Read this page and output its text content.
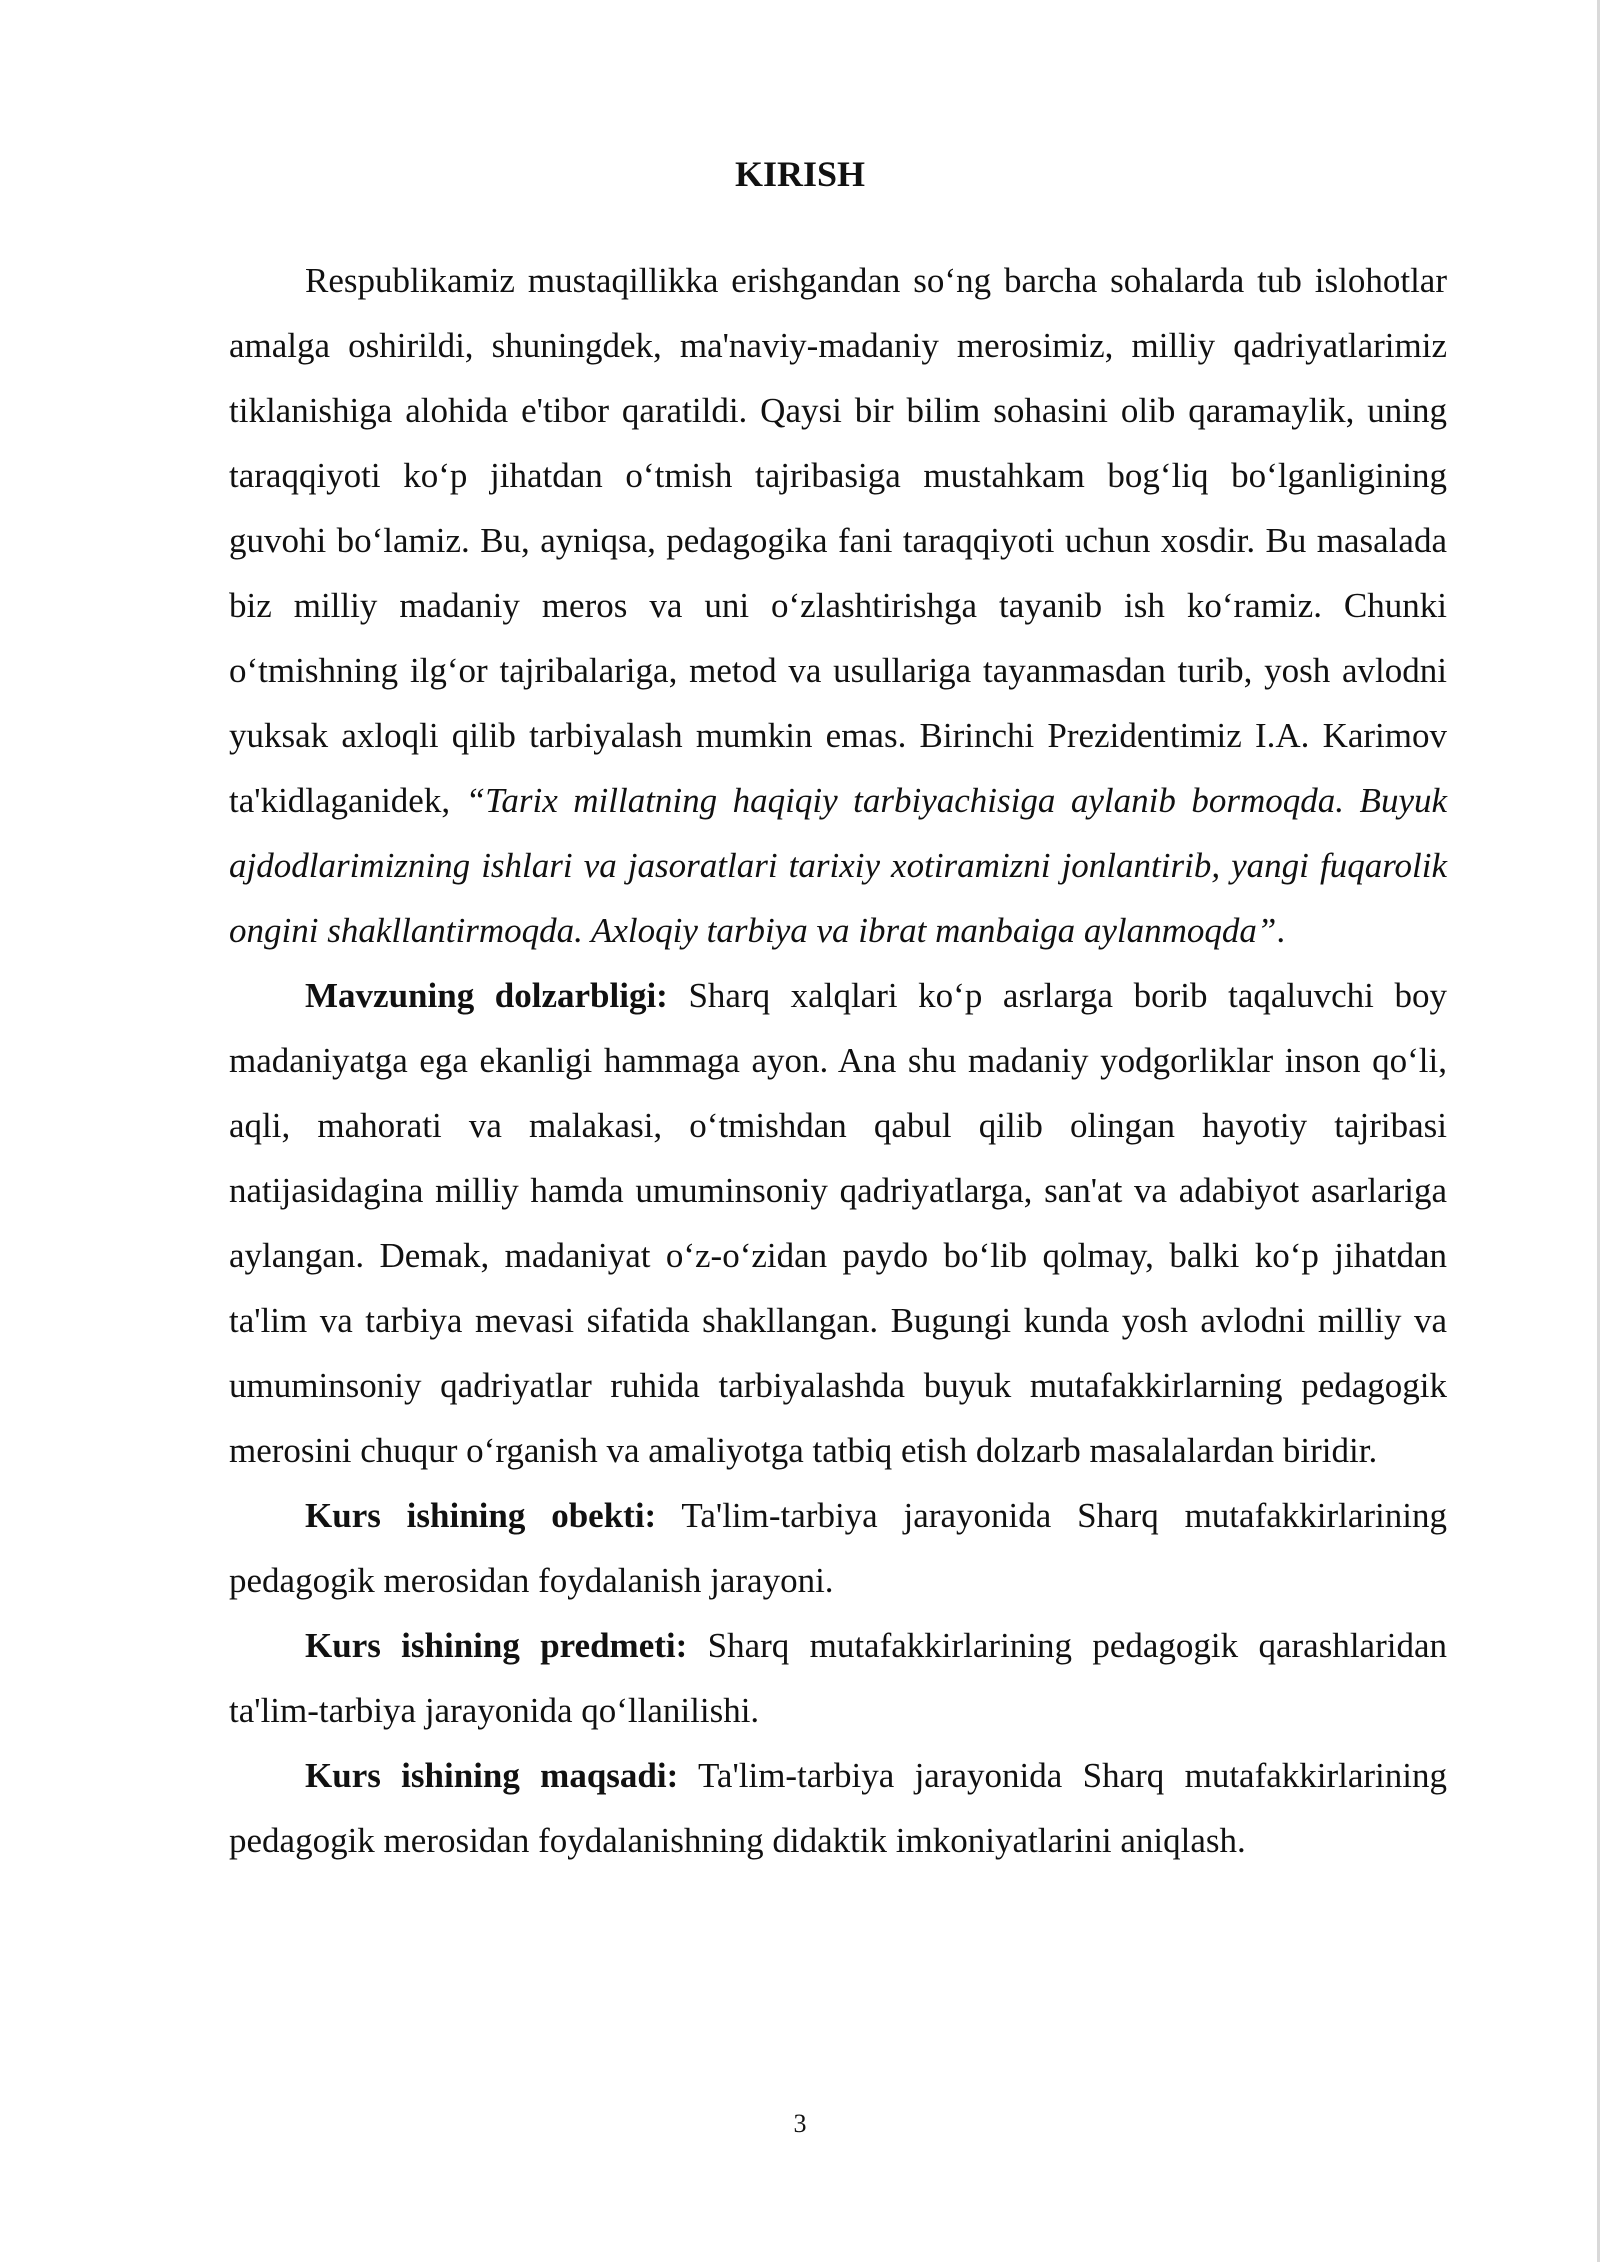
KIRISH

Respublikamiz mustaqillikka erishgandan so‘ng barcha sohalarda tub islohotlar amalga oshirildi, shuningdek, ma'naviy-madaniy merosimiz, milliy qadriyatlarimiz tiklanishiga alohida e'tibor qaratildi. Qaysi bir bilim sohasini olib qaramaylik, uning taraqqiyoti ko‘p jihatdan o‘tmish tajribasiga mustahkam bog‘liq bo‘lganligining guvohi bo‘lamiz. Bu, ayniqsa, pedagogika fani taraqqiyoti uchun xosdir. Bu masalada biz milliy madaniy meros va uni o‘zlashtirishga tayanib ish ko‘ramiz. Chunki o‘tmishning ilg‘or tajribalariga, metod va usullariga tayanmasdan turib, yosh avlodni yuksak axloqli qilib tarbiyalash mumkin emas. Birinchi Prezidentimiz I.A. Karimov ta'kidlaganidek, “Tarix millatning haqiqiy tarbiyachisiga aylanib bormoqda. Buyuk ajdodlarimizning ishlari va jasoratlari tarixiy xotiramizni jonlantirib, yangi fuqarolik ongini shakllantirmoqda. Axloqiy tarbiya va ibrat manbaiga aylanmoqda”.

Mavzuning dolzarbligi: Sharq xalqlari ko‘p asrlarga borib taqaluvchi boy madaniyatga ega ekanligi hammaga ayon. Ana shu madaniy yodgorliklar inson qo‘li, aqli, mahorati va malakasi, o‘tmishdan qabul qilib olingan hayotiy tajribasi natijasidagina milliy hamda umuminsoniy qadriyatlarga, san'at va adabiyot asarlariga aylangan. Demak, madaniyat o‘z-o‘zidan paydo bo‘lib qolmay, balki ko‘p jihatdan ta'lim va tarbiya mevasi sifatida shakllangan. Bugungi kunda yosh avlodni milliy va umuminsoniy qadriyatlar ruhida tarbiyalashda buyuk mutafakkirlarning pedagogik merosini chuqur o‘rganish va amaliyotga tatbiq etish dolzarb masalalardan biridir.

Kurs ishining obekti: Ta'lim-tarbiya jarayonida Sharq mutafakkirlarining pedagogik merosidan foydalanish jarayoni.

Kurs ishining predmeti: Sharq mutafakkirlarining pedagogik qarashlaridan ta'lim-tarbiya jarayonida qo‘llanilishi.

Kurs ishining maqsadi: Ta'lim-tarbiya jarayonida Sharq mutafakkirlarining pedagogik merosidan foydalanishning didaktik imkoniyatlarini aniqlash.

3
